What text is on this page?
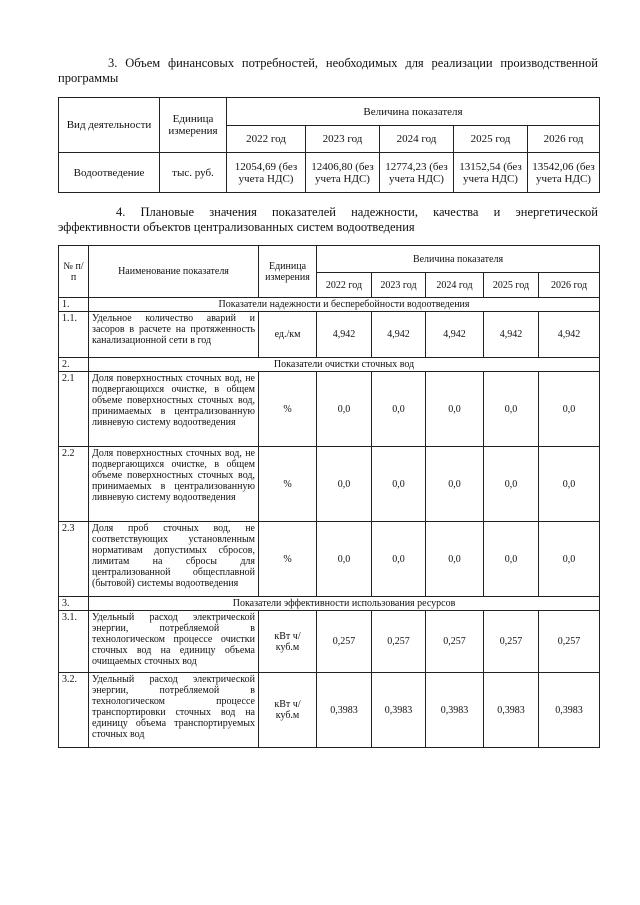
3. Объем финансовых потребностей, необходимых для реализации производственной программы
Вид деятельности	Единица измерения	Величина показателя				
		2022 год	2023 год	2024 год	2025 год	2026 год
Водоотведение	тыс. руб.	12054,69 (без учета НДС)	12406,80 (без учета НДС)	12774,23 (без учета НДС)	13152,54 (без учета НДС)	13542,06 (без учета НДС)
4. Плановые значения показателей надежности, качества и энергетической эффективности объектов централизованных систем водоотведения
№ п/п	Наименование показателя	Единица измерения	Величина показателя				
			2022 год	2023 год	2024 год	2025 год	2026 год
1.	Показатели надежности и бесперебойности водоотведения						
1.1.	Удельное количество аварий и засоров в расчете на протяженность канализационной сети в год	ед./км	4,942	4,942	4,942	4,942	4,942
2.	Показатели очистки сточных вод						
2.1	Доля поверхностных сточных вод, не подвергающихся очистке, в общем объеме поверхностных сточных вод, принимаемых в централизованную ливневую систему водоотведения	%	0,0	0,0	0,0	0,0	0,0
2.2	Доля поверхностных сточных вод, не подвергающихся очистке, в общем объеме поверхностных сточных вод, принимаемых в централизованную ливневую систему водоотведения	%	0,0	0,0	0,0	0,0	0,0
2.3	Доля проб сточных вод, не соответствующих установленным нормативам допустимых сбросов, лимитам на сбросы для централизованной общесплавной (бытовой) системы водоотведения	%	0,0	0,0	0,0	0,0	0,0
3.	Показатели эффективности использования ресурсов						
3.1.	Удельный расход электрической энергии, потребляемой в технологическом процессе очистки сточных вод на единицу объема очищаемых сточных вод	кВт ч/ куб.м	0,257	0,257	0,257	0,257	0,257
3.2.	Удельный расход электрической энергии, потребляемой в технологическом процессе транспортировки сточных вод на единицу объема транспортируемых сточных вод	кВт ч/ куб.м	0,3983	0,3983	0,3983	0,3983	0,3983
